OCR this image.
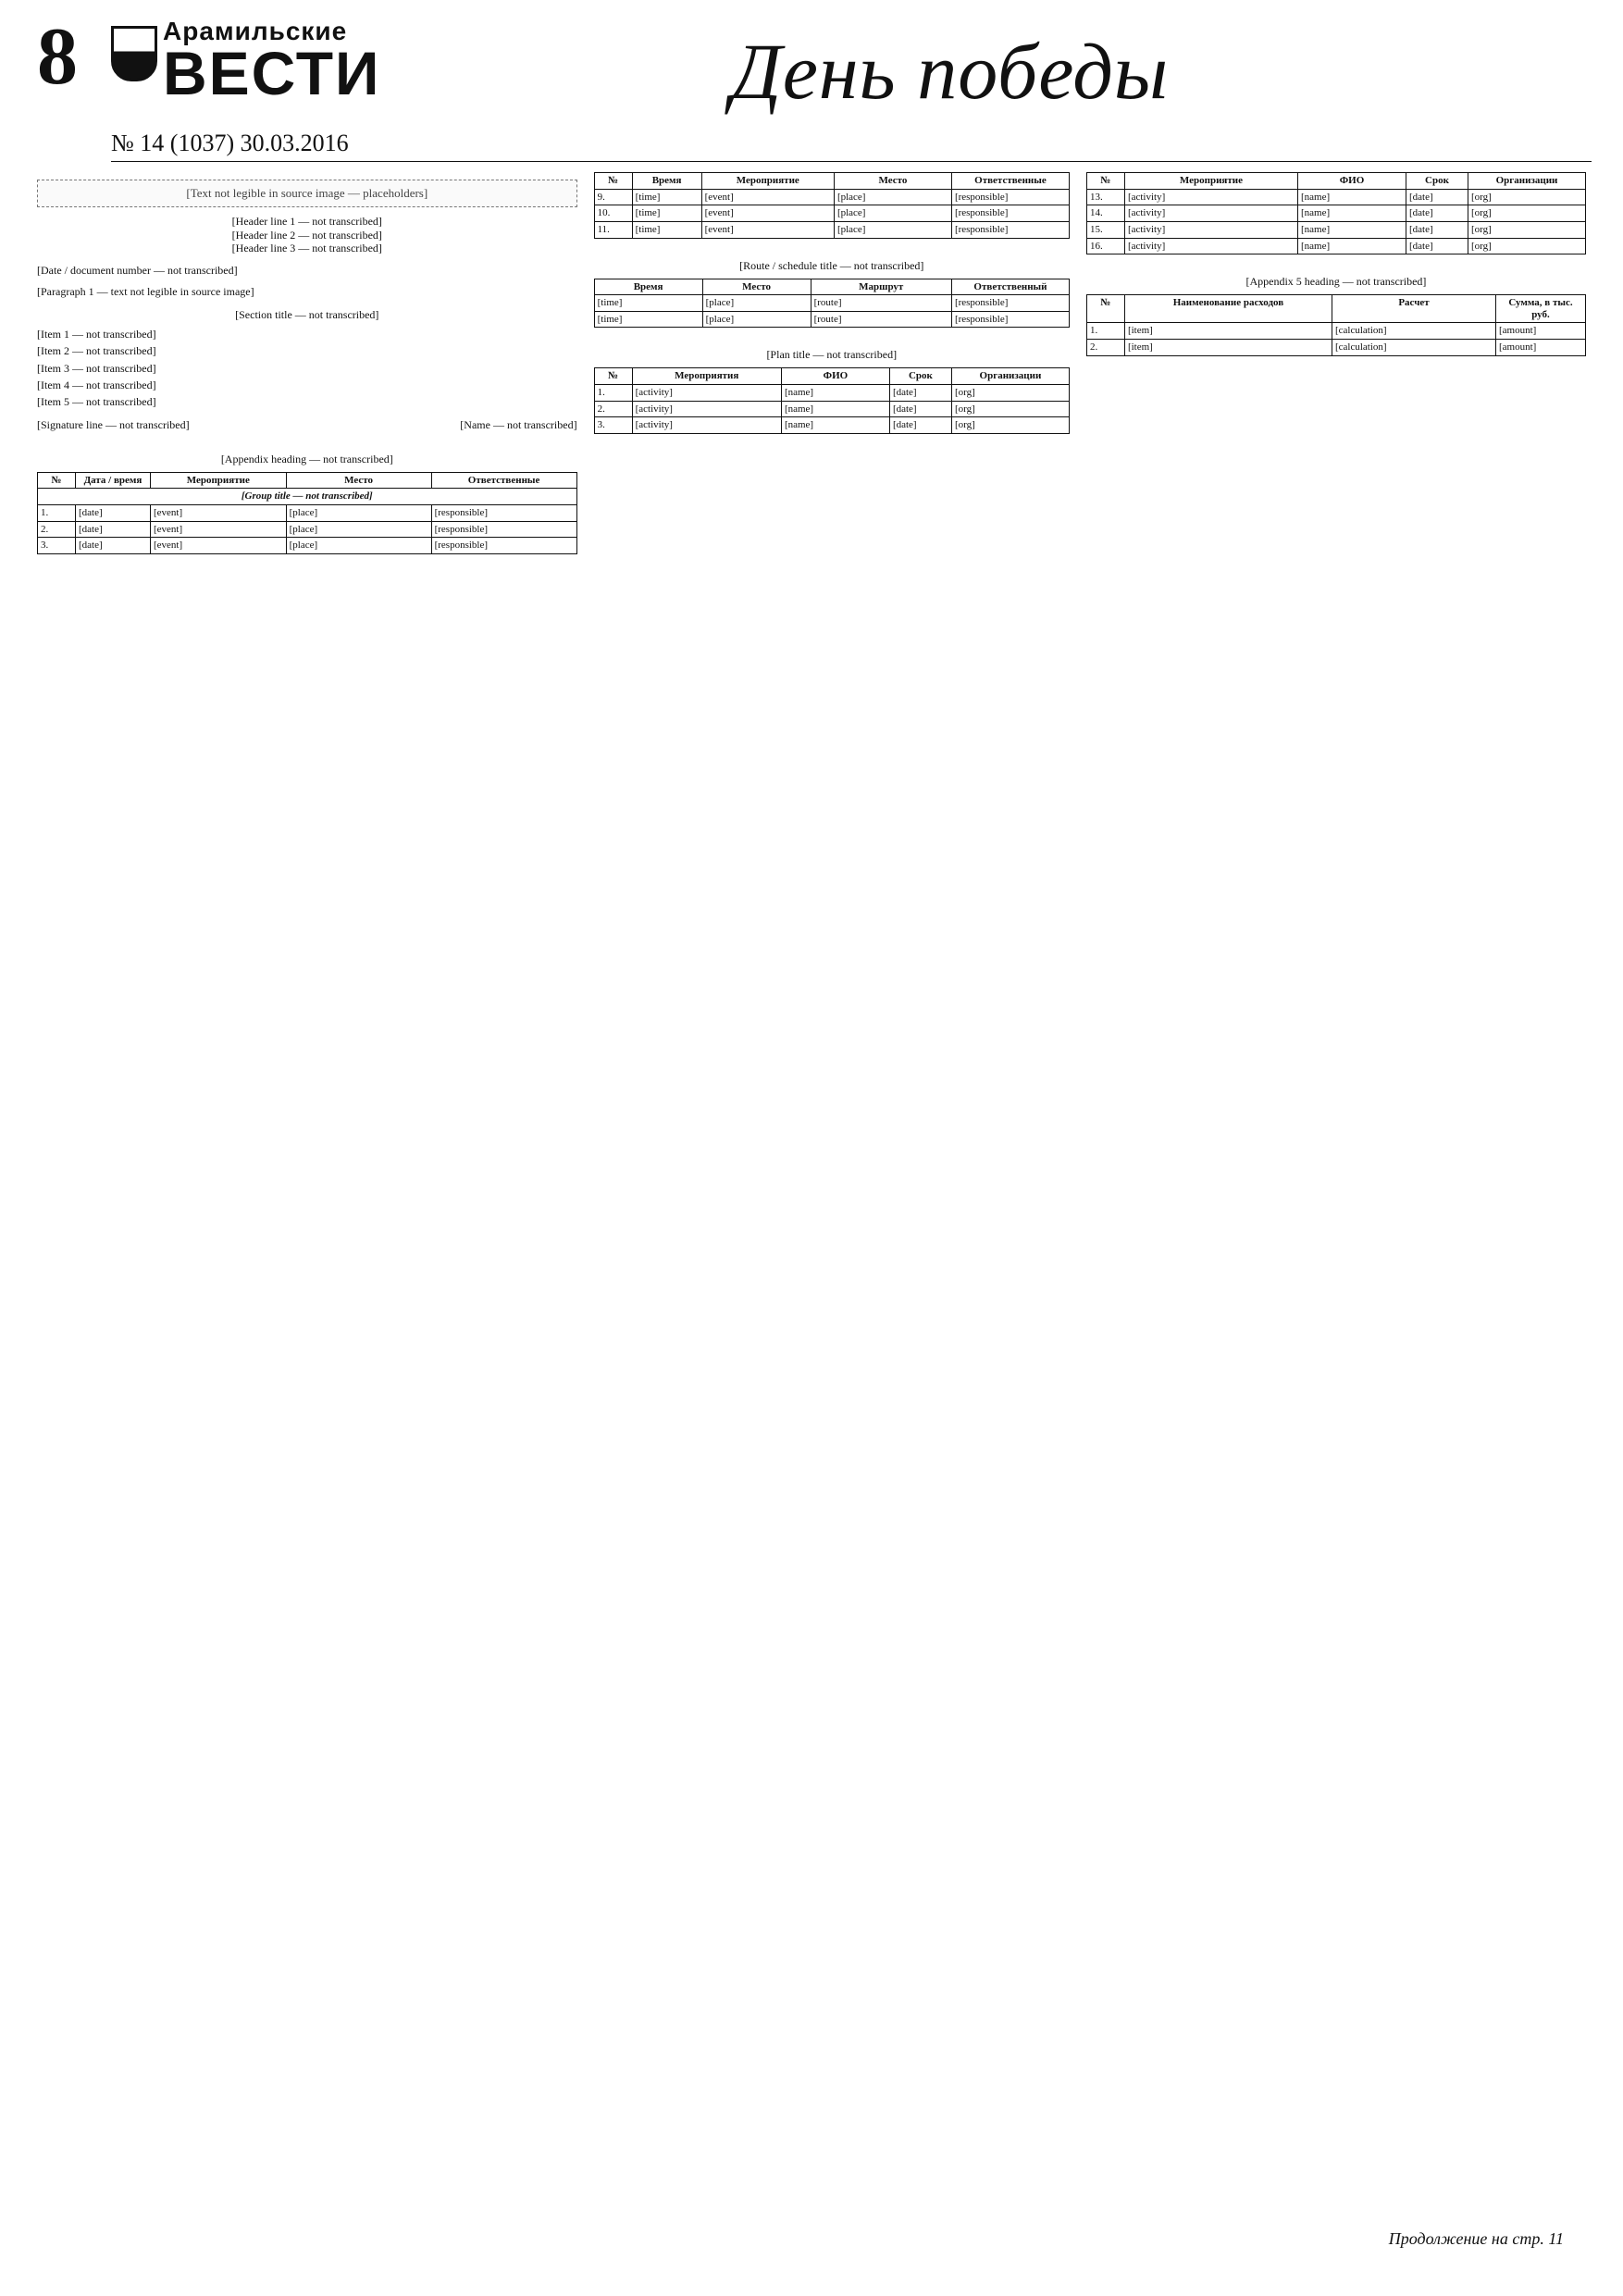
8	Арамильские
ВЕСТИ
№ 14 (1037) 30.03.2016
День победы
[Text not legible in source image — placeholders]
[Header line 1 — not transcribed]
[Header line 2 — not transcribed]
[Header line 3 — not transcribed]
[Date / document number — not transcribed]

[Paragraph 1 — text not legible in source image]

[Section title — not transcribed]

[Item 1 — not transcribed]

[Item 2 — not transcribed]

[Item 3 — not transcribed]

[Item 4 — not transcribed]

[Item 5 — not transcribed]

[Signature line — not transcribed]	[Name — not transcribed]
[Appendix heading — not transcribed]
№	Дата / время	Мероприятие	Место	Ответственные
[Group title — not transcribed]				
1.	[date]	[event]	[place]	[responsible]
2.	[date]	[event]	[place]	[responsible]
3.	[date]	[event]	[place]	[responsible]
№	Время	Мероприятие	Место	Ответственные
9.	[time]	[event]	[place]	[responsible]
10.	[time]	[event]	[place]	[responsible]
11.	[time]	[event]	[place]	[responsible]
[Route / schedule title — not transcribed]
Время	Место	Маршрут	Ответственный
[time]	[place]	[route]	[responsible]
[time]	[place]	[route]	[responsible]
[Plan title — not transcribed]
№	Мероприятия	ФИО	Срок	Организации
1.	[activity]	[name]	[date]	[org]
2.	[activity]	[name]	[date]	[org]
3.	[activity]	[name]	[date]	[org]
№	Мероприятие	ФИО	Срок	Организации
13.	[activity]	[name]	[date]	[org]
14.	[activity]	[name]	[date]	[org]
15.	[activity]	[name]	[date]	[org]
16.	[activity]	[name]	[date]	[org]
[Appendix 5 heading — not transcribed]
№	Наименование расходов	Расчет	Сумма, в тыс. руб.
1.	[item]	[calculation]	[amount]
2.	[item]	[calculation]	[amount]
Продолжение на стр. 11
